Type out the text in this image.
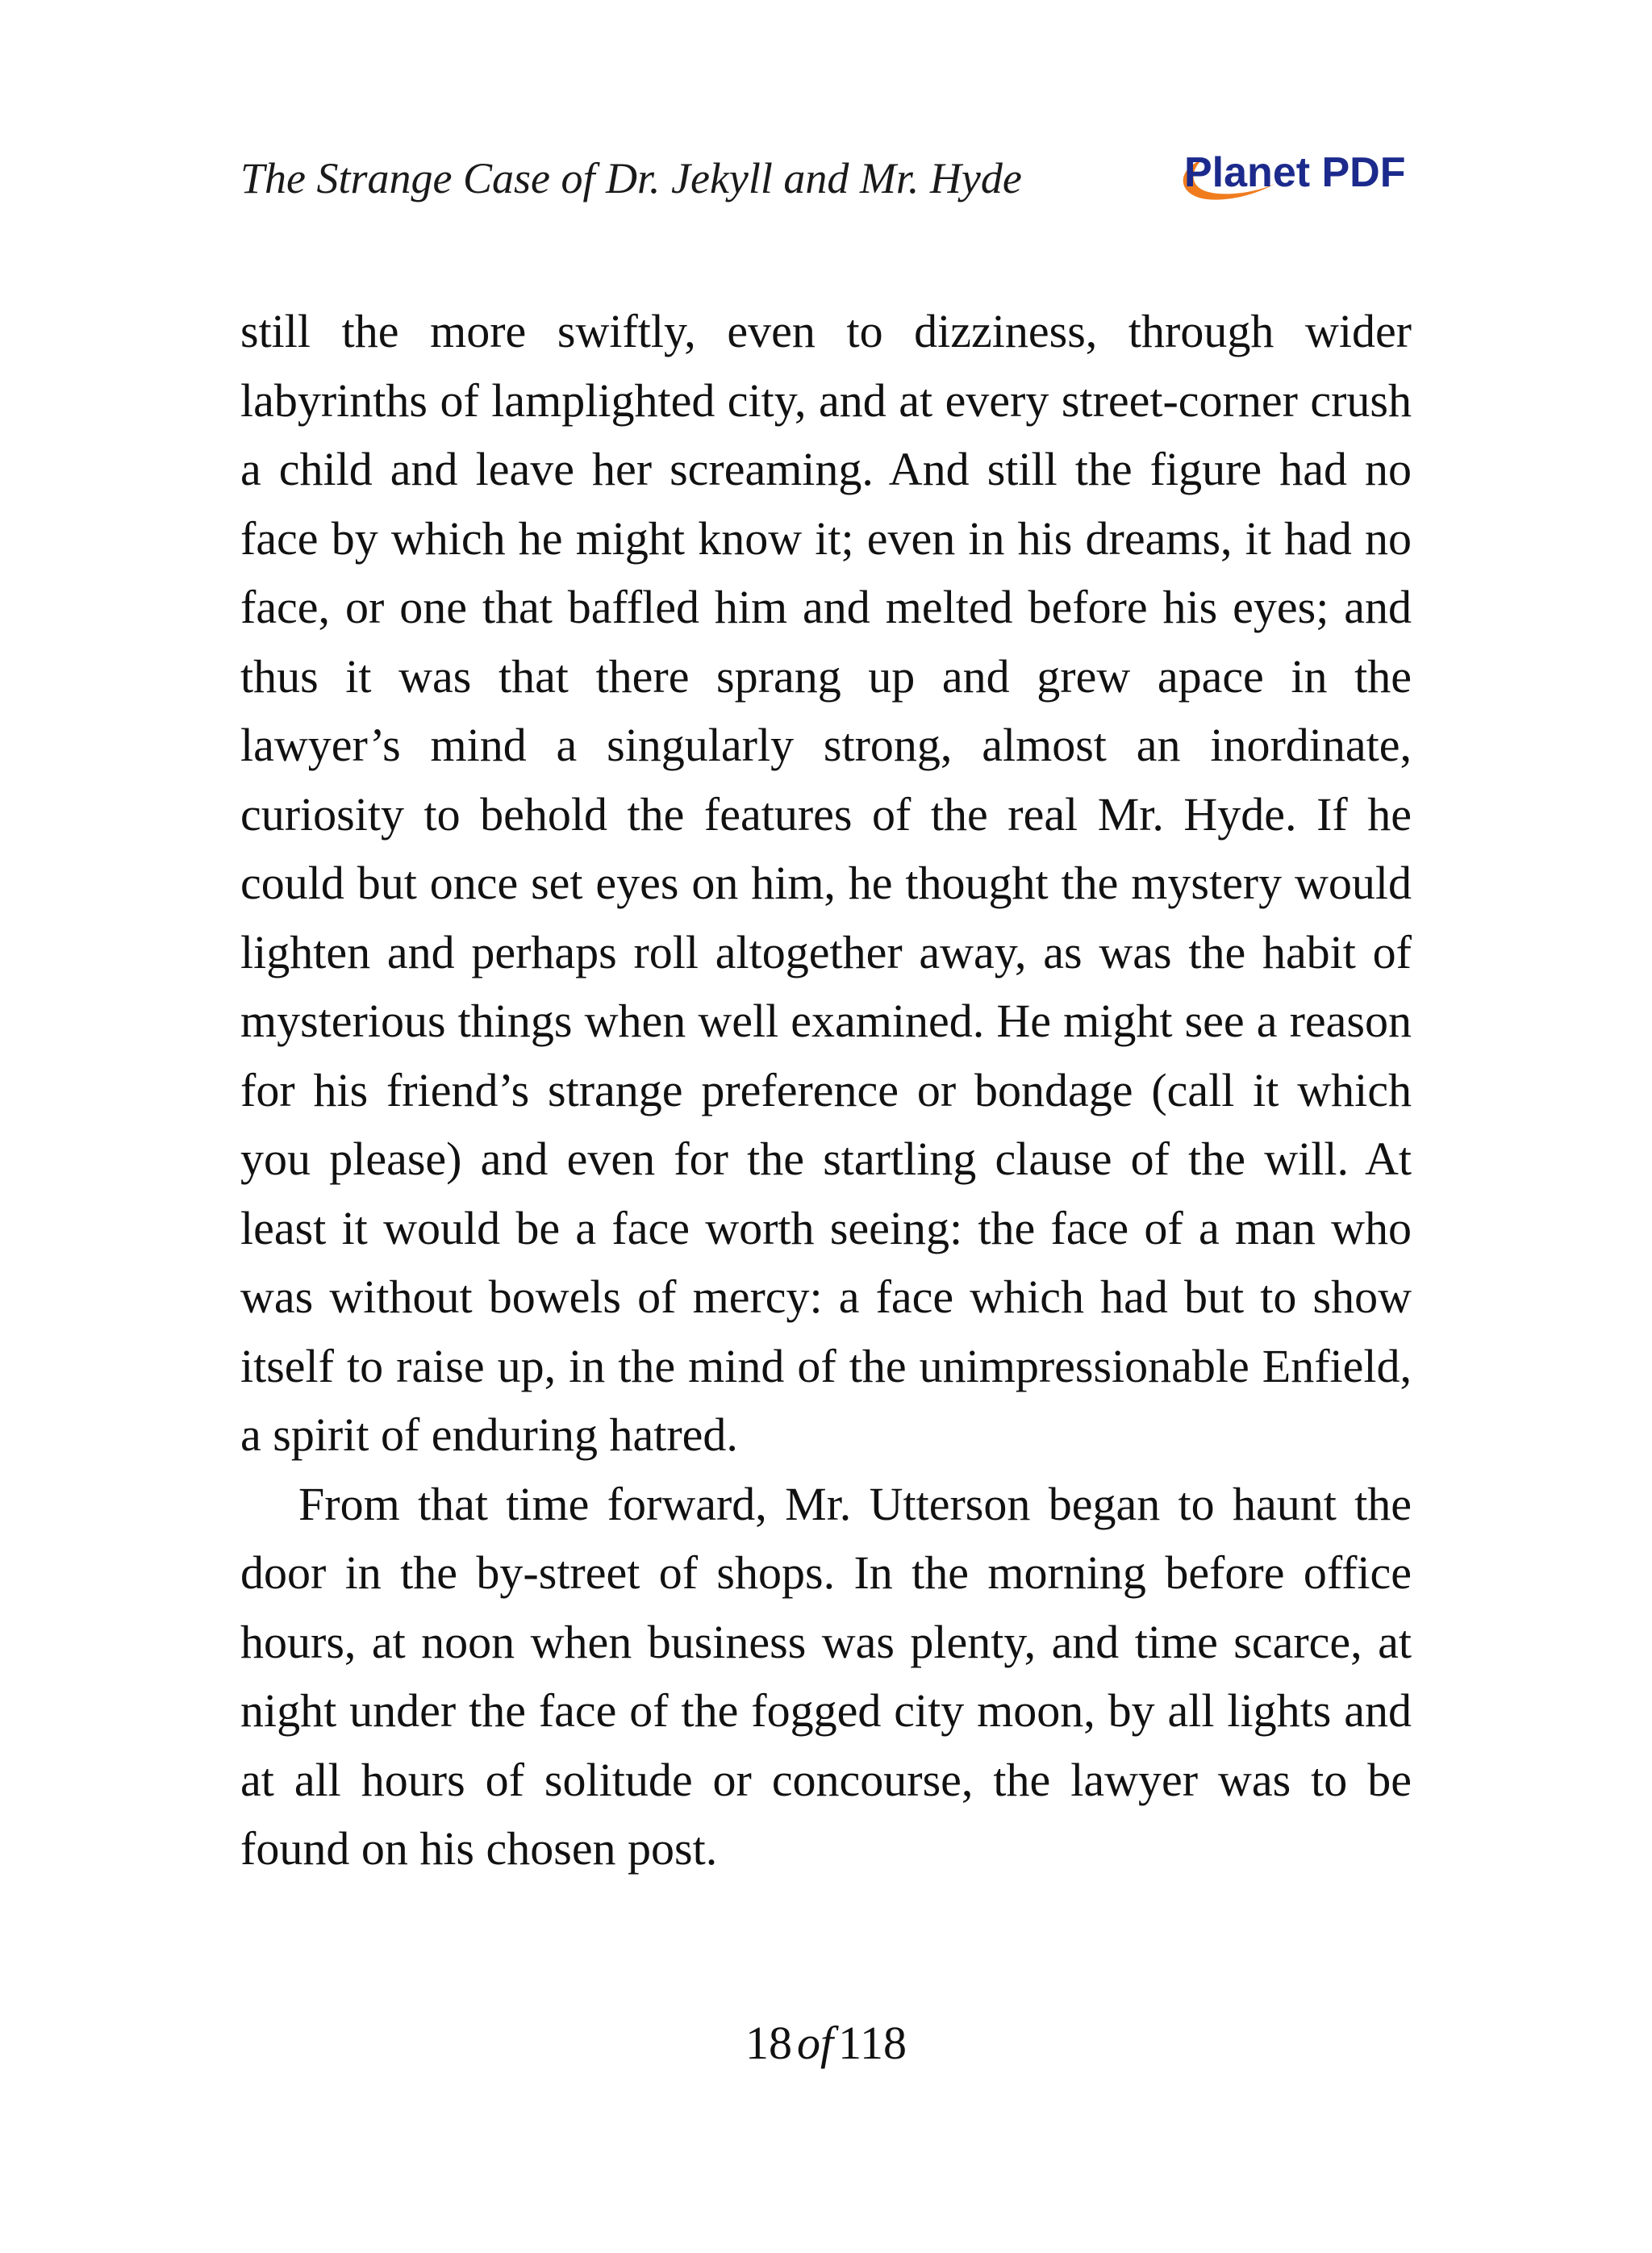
The Strange Case of Dr. Jekyll and Mr. Hyde	Planet PDF

still the more swiftly, even to dizziness, through wider labyrinths of lamplighted city, and at every street-corner crush a child and leave her screaming. And still the figure had no face by which he might know it; even in his dreams, it had no face, or one that baffled him and melted before his eyes; and thus it was that there sprang up and grew apace in the lawyer’s mind a singularly strong, almost an inordinate, curiosity to behold the features of the real Mr. Hyde. If he could but once set eyes on him, he thought the mystery would lighten and perhaps roll altogether away, as was the habit of mysterious things when well examined. He might see a reason for his friend’s strange preference or bondage (call it which you please) and even for the startling clause of the will. At least it would be a face worth seeing: the face of a man who was without bowels of mercy: a face which had but to show itself to raise up, in the mind of the unimpressionable Enfield, a spirit of enduring hatred.

From that time forward, Mr. Utterson began to haunt the door in the by-street of shops. In the morning before office hours, at noon when business was plenty, and time scarce, at night under the face of the fogged city moon, by all lights and at all hours of solitude or concourse, the lawyer was to be found on his chosen post.

18 of 118
